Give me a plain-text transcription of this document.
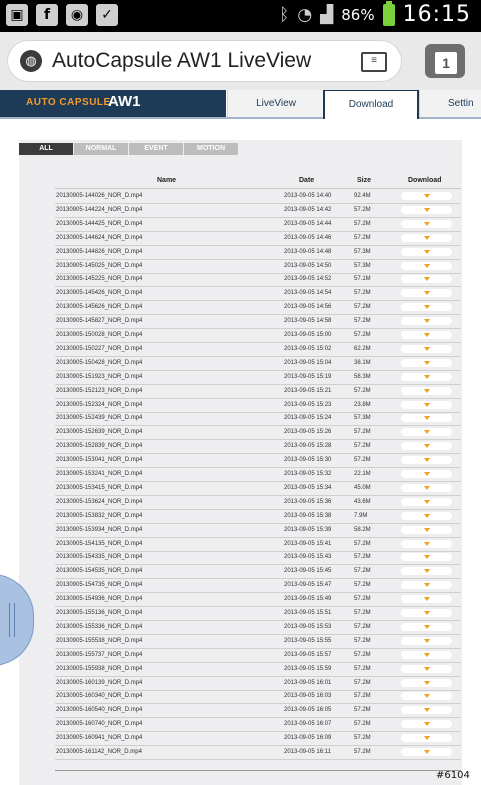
▣	f	◉	✓	ᛒ ◔ ▟ 86% 16:15
◍ AutoCapsule AW1 LiveView	≡	1
AUTO CAPSULE
AW1	LiveView	Download	Settin
ALL	NORMAL	EVENT	MOTION
Name	Date	Size	Download
20130905-144026_NOR_D.mp4	2013-09-05 14:40	92.4M
20130905-144224_NOR_D.mp4	2013-09-05 14:42	57.2M
20130905-144425_NOR_D.mp4	2013-09-05 14:44	57.2M
20130905-144624_NOR_D.mp4	2013-09-05 14:46	57.2M
20130905-144826_NOR_D.mp4	2013-09-05 14:48	57.3M
20130905-145025_NOR_D.mp4	2013-09-05 14:50	57.3M
20130905-145225_NOR_D.mp4	2013-09-05 14:52	57.1M
20130905-145426_NOR_D.mp4	2013-09-05 14:54	57.2M
20130905-145626_NOR_D.mp4	2013-09-05 14:56	57.2M
20130905-145827_NOR_D.mp4	2013-09-05 14:58	57.2M
20130905-150028_NOR_D.mp4	2013-09-05 15:00	57.2M
20130905-150227_NOR_D.mp4	2013-09-05 15:02	62.2M
20130905-150428_NOR_D.mp4	2013-09-05 15:04	38.1M
20130905-151923_NOR_D.mp4	2013-09-05 15:19	58.3M
20130905-152123_NOR_D.mp4	2013-09-05 15:21	57.2M
20130905-152324_NOR_D.mp4	2013-09-05 15:23	23.8M
20130905-152439_NOR_D.mp4	2013-09-05 15:24	57.3M
20130905-152639_NOR_D.mp4	2013-09-05 15:26	57.2M
20130905-152839_NOR_D.mp4	2013-09-05 15:28	57.2M
20130905-153041_NOR_D.mp4	2013-09-05 15:30	57.2M
20130905-153241_NOR_D.mp4	2013-09-05 15:32	22.1M
20130905-153415_NOR_D.mp4	2013-09-05 15:34	45.0M
20130905-153624_NOR_D.mp4	2013-09-05 15:36	43.6M
20130905-153832_NOR_D.mp4	2013-09-05 15:38	7.9M
20130905-153934_NOR_D.mp4	2013-09-05 15:39	58.2M
20130905-154135_NOR_D.mp4	2013-09-05 15:41	57.2M
20130905-154335_NOR_D.mp4	2013-09-05 15:43	57.2M
20130905-154535_NOR_D.mp4	2013-09-05 15:45	57.2M
20130905-154735_NOR_D.mp4	2013-09-05 15:47	57.2M
20130905-154936_NOR_D.mp4	2013-09-05 15:49	57.2M
20130905-155136_NOR_D.mp4	2013-09-05 15:51	57.2M
20130905-155336_NOR_D.mp4	2013-09-05 15:53	57.2M
20130905-155538_NOR_D.mp4	2013-09-05 15:55	57.2M
20130905-155737_NOR_D.mp4	2013-09-05 15:57	57.2M
20130905-155938_NOR_D.mp4	2013-09-05 15:59	57.2M
20130905-160139_NOR_D.mp4	2013-09-05 16:01	57.2M
20130905-160340_NOR_D.mp4	2013-09-05 16:03	57.2M
20130905-160540_NOR_D.mp4	2013-09-05 16:05	57.2M
20130905-160740_NOR_D.mp4	2013-09-05 16:07	57.2M
20130905-160941_NOR_D.mp4	2013-09-05 16:09	57.2M
20130905-161142_NOR_D.mp4	2013-09-05 16:11	57.2M
#6104
